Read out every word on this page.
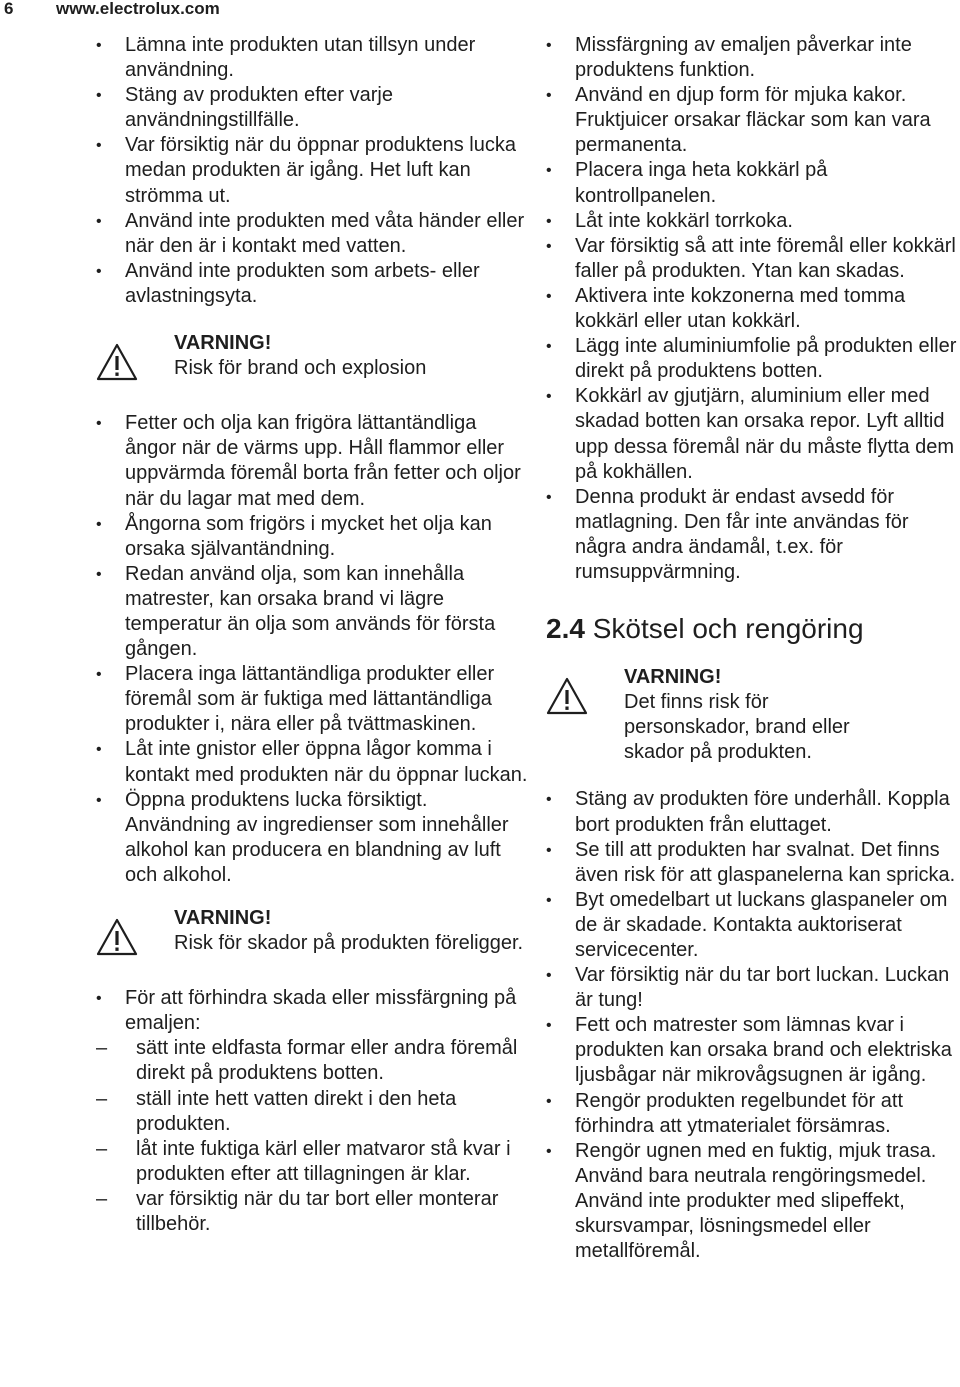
6	www.electrolux.com
• Lämna inte produkten utan tillsyn under användning.
• Stäng av produkten efter varje användningstillfälle.
• Var försiktig när du öppnar produktens lucka medan produkten är igång. Het luft kan strömma ut.
• Använd inte produkten med våta händer eller när den är i kontakt med vatten.
• Använd inte produkten som arbets- eller avlastningsyta.
VARNING!
Risk för brand och explosion
• Fetter och olja kan frigöra lättantändliga ångor när de värms upp. Håll flammor eller uppvärmda föremål borta från fetter och oljor när du lagar mat med dem.
• Ångorna som frigörs i mycket het olja kan orsaka självantändning.
• Redan använd olja, som kan innehålla matrester, kan orsaka brand vi lägre temperatur än olja som används för första gången.
• Placera inga lättantändliga produkter eller föremål som är fuktiga med lättantändliga produkter i, nära eller på tvättmaskinen.
• Låt inte gnistor eller öppna lågor komma i kontakt med produkten när du öppnar luckan.
• Öppna produktens lucka försiktigt. Användning av ingredienser som innehåller alkohol kan producera en blandning av luft och alkohol.
VARNING!
Risk för skador på produkten föreligger.
• För att förhindra skada eller missfärgning på emaljen:
– sätt inte eldfasta formar eller andra föremål direkt på produktens botten.
– ställ inte hett vatten direkt i den heta produkten.
– låt inte fuktiga kärl eller matvaror stå kvar i produkten efter att tillagningen är klar.
– var försiktig när du tar bort eller monterar tillbehör.
• Missfärgning av emaljen påverkar inte produktens funktion.
• Använd en djup form för mjuka kakor. Fruktjuicer orsakar fläckar som kan vara permanenta.
• Placera inga heta kokkärl på kontrollpanelen.
• Låt inte kokkärl torrkoka.
• Var försiktig så att inte föremål eller kokkärl faller på produkten. Ytan kan skadas.
• Aktivera inte kokzonerna med tomma kokkärl eller utan kokkärl.
• Lägg inte aluminiumfolie på produkten eller direkt på produktens botten.
• Kokkärl av gjutjärn, aluminium eller med skadad botten kan orsaka repor. Lyft alltid upp dessa föremål när du måste flytta dem på kokhällen.
• Denna produkt är endast avsedd för matlagning. Den får inte användas för några andra ändamål, t.ex. för rumsuppvärmning.
2.4 Skötsel och rengöring
VARNING!
Det finns risk för personskador, brand eller skador på produkten.
• Stäng av produkten före underhåll. Koppla bort produkten från eluttaget.
• Se till att produkten har svalnat. Det finns även risk för att glaspanelerna kan spricka.
• Byt omedelbart ut luckans glaspaneler om de är skadade. Kontakta auktoriserat servicecenter.
• Var försiktig när du tar bort luckan. Luckan är tung!
• Fett och matrester som lämnas kvar i produkten kan orsaka brand och elektriska ljusbågar när mikrovågsugnen är igång.
• Rengör produkten regelbundet för att förhindra att ytmaterialet försämras.
• Rengör ugnen med en fuktig, mjuk trasa. Använd bara neutrala rengöringsmedel. Använd inte produkter med slipeffekt, skursvampar, lösningsmedel eller metallföremål.
